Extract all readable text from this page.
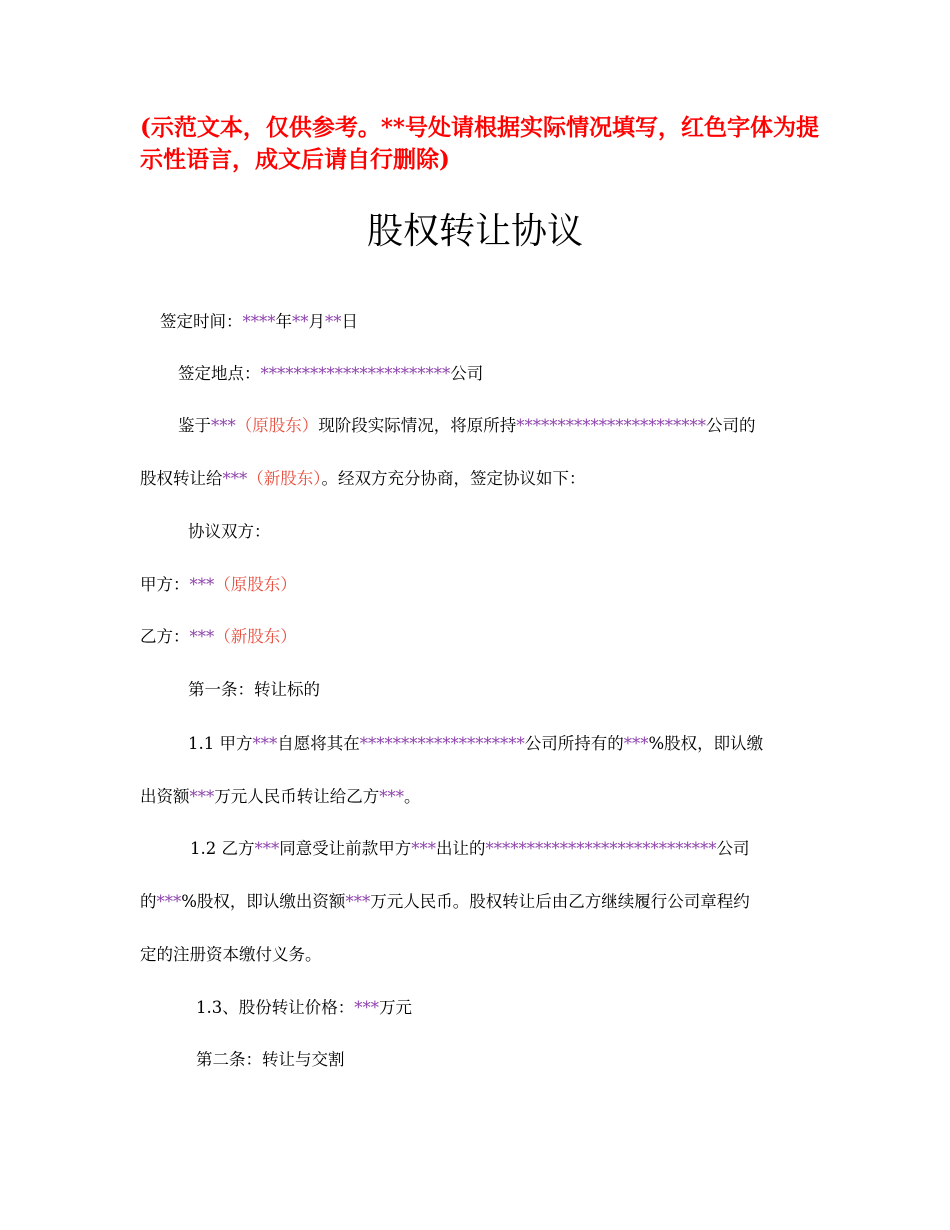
(示范文本，仅供参考。**号处请根据实际情况填写，红色字体为提示性语言，成文后请自行删除)
股权转让协议
签定时间：****年**月**日
签定地点：***********************公司
鉴于***（原股东）现阶段实际情况，将原所持***********************公司的
股权转让给***（新股东）。经双方充分协商，签定协议如下：
协议双方：
甲方：***（原股东）
乙方：***（新股东）
第一条：转让标的
1.1 甲方***自愿将其在********************公司所持有的***%股权，即认缴
出资额***万元人民币转让给乙方***。
1.2 乙方***同意受让前款甲方***出让的****************************公司
的***%股权，即认缴出资额***万元人民币。股权转让后由乙方继续履行公司章程约
定的注册资本缴付义务。
1.3、股份转让价格：***万元
第二条：转让与交割
